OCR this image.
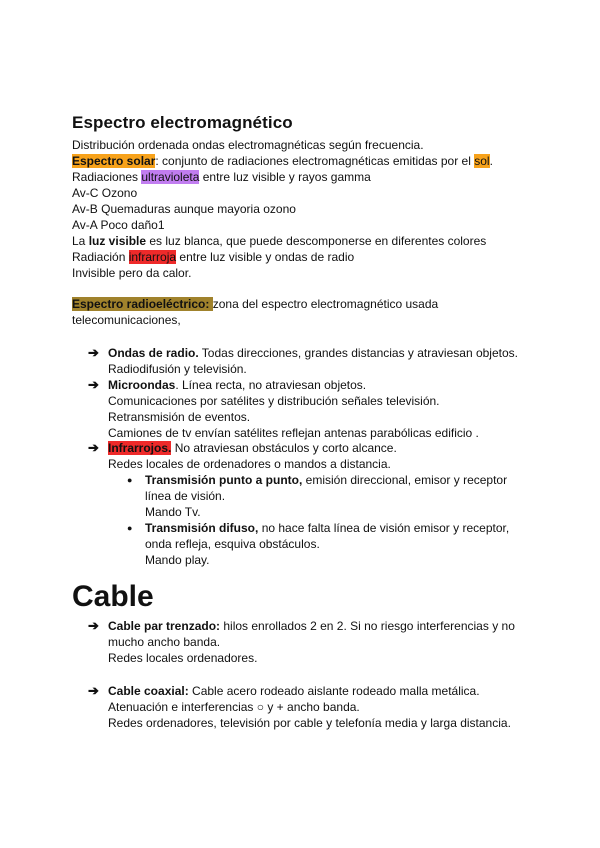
Espectro electromagnético
Distribución ordenada ondas electromagnéticas según frecuencia.
Espectro solar: conjunto de radiaciones electromagnéticas emitidas por el sol.
Radiaciones ultravioleta entre luz visible y rayos gamma
Av-C Ozono
Av-B Quemaduras aunque mayoria ozono
Av-A Poco daño1
La luz visible es luz blanca, que puede descomponerse en diferentes colores
Radiación infrarroja entre luz visible y ondas de radio
Invisible pero da calor.
Espectro radioeléctrico: zona del espectro electromagnético usada
telecomunicaciones,
➔ Ondas de radio. Todas direcciones, grandes distancias y atraviesan objetos.
Radiodifusión y televisión.
➔ Microondas. Línea recta, no atraviesan objetos.
Comunicaciones por satélites y distribución señales televisión.
Retransmisión de eventos.
Camiones de tv envían satélites reflejan antenas parabólicas edificio .
➔ Infrarrojos. No atraviesan obstáculos y corto alcance.
Redes locales de ordenadores o mandos a distancia.
● Transmisión punto a punto, emisión direccional, emisor y receptor
línea de visión.
Mando Tv.
● Transmisión difuso, no hace falta línea de visión emisor y receptor,
onda refleja, esquiva obstáculos.
Mando play.
Cable
➔ Cable par trenzado: hilos enrollados 2 en 2. Si no riesgo interferencias y no
mucho ancho banda.
Redes locales ordenadores.
➔ Cable coaxial: Cable acero rodeado aislante rodeado malla metálica.
Atenuación e interferencias ○ y + ancho banda.
Redes ordenadores, televisión por cable y telefonía media y larga distancia.
